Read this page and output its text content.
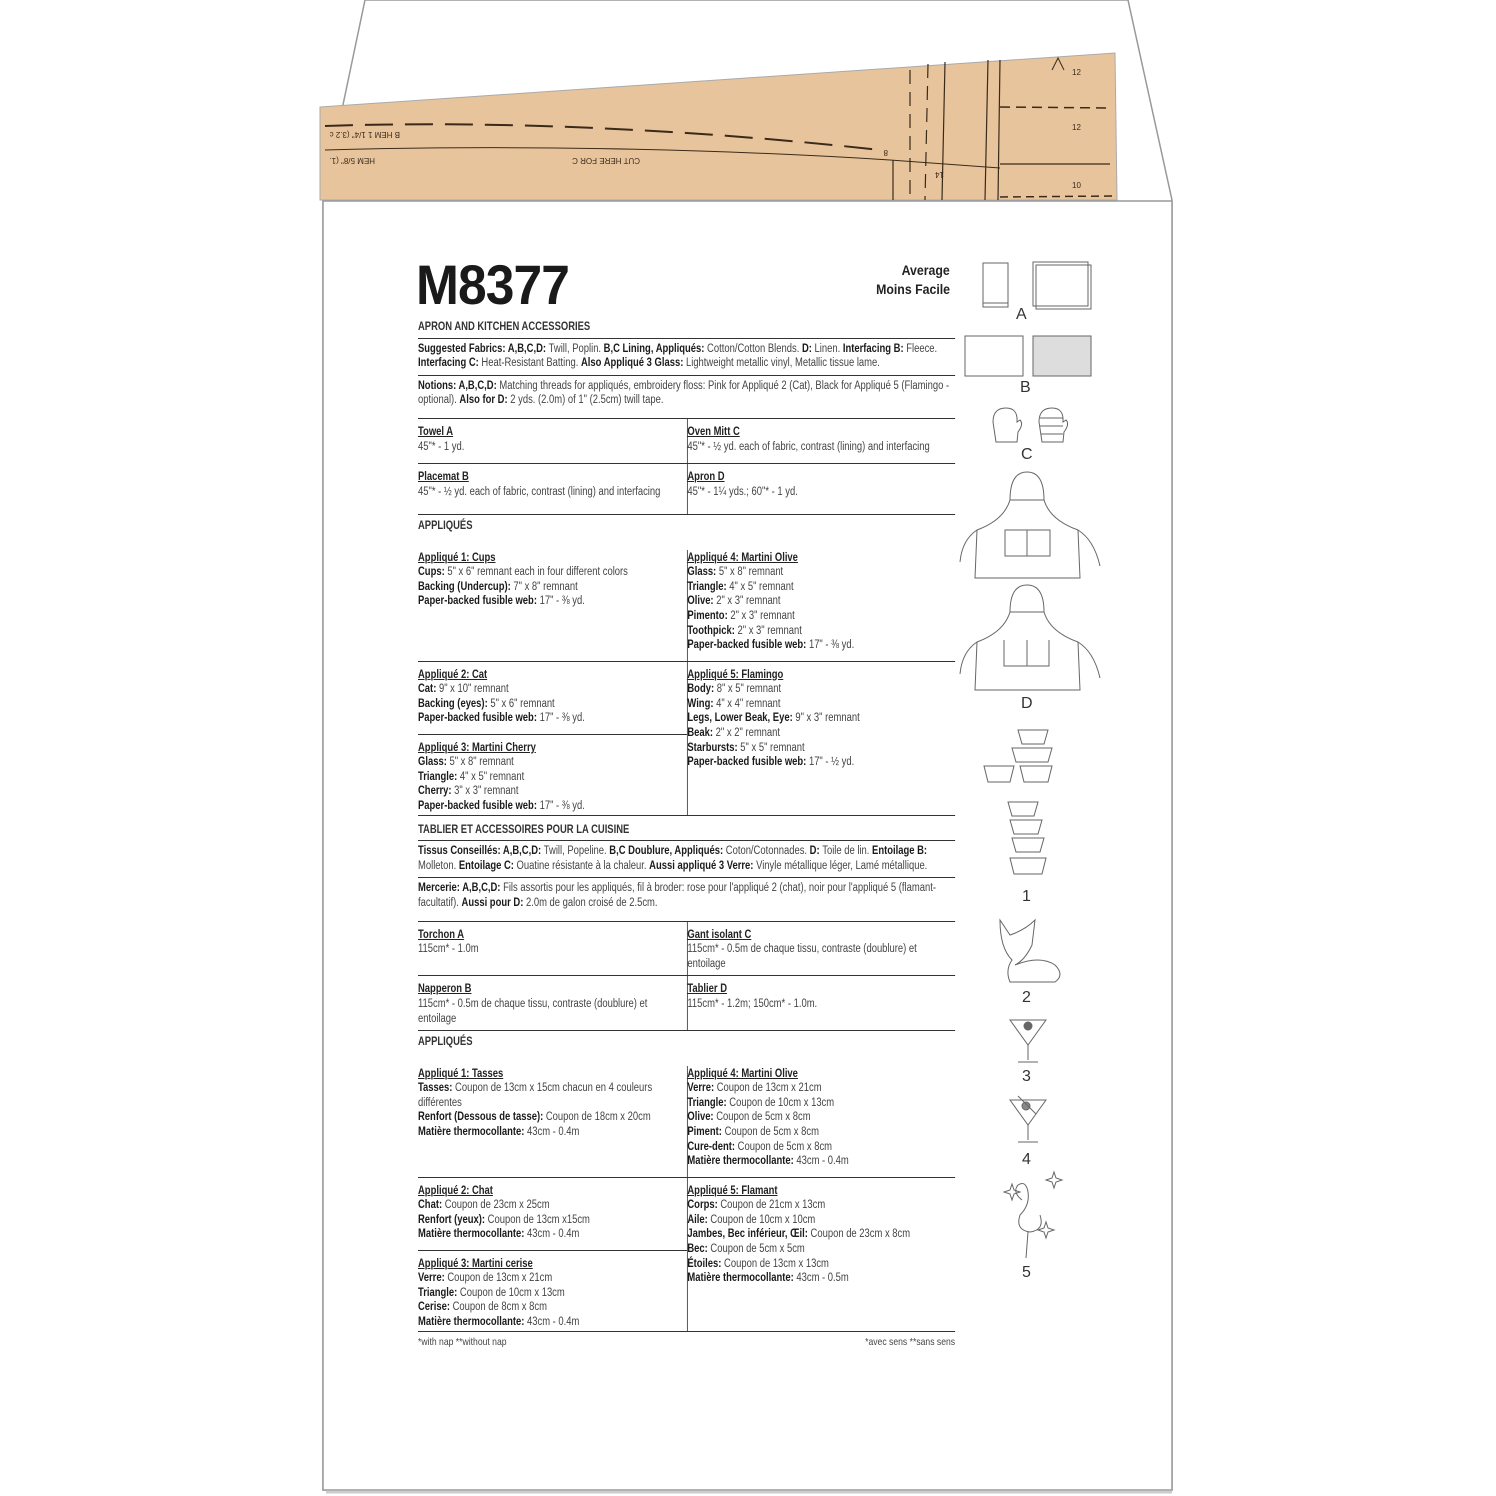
12
12
10
B HEM 1 1/4" (3.2 c
HEM 5/8" (1.	CUT HERE FOR C
8
14
M8377	Average
Moins Facile
A
B
C
D
1
2
3
4
5
APRON AND KITCHEN ACCESSORIES
Suggested Fabrics: A,B,C,D: Twill, Poplin. B,C Lining, Appliqués: Cotton/Cotton Blends. D: Linen. Interfacing B: Fleece. Interfacing C: Heat-Resistant Batting. Also Appliqué 3 Glass: Lightweight metallic vinyl, Metallic tissue lame.
Notions: A,B,C,D: Matching threads for appliqués, embroidery floss: Pink for Appliqué 2 (Cat), Black for Appliqué 5 (Flamingo - optional). Also for D: 2 yds. (2.0m) of 1" (2.5cm) twill tape.
Towel A
45"* - 1 yd.
Oven Mitt C
45"* - ½ yd. each of fabric, contrast (lining) and interfacing
Placemat B
45"* - ½ yd. each of fabric, contrast (lining) and interfacing
Apron D
45"* - 1¼ yds.; 60"* - 1 yd.
APPLIQUÉS
Appliqué 1: Cups
Cups: 5" x 6" remnant each in four different colors
Backing (Undercup): 7" x 8" remnant
Paper-backed fusible web: 17" - ⅜ yd.
Appliqué 4: Martini Olive
Glass: 5" x 8" remnant
Triangle: 4" x 5" remnant
Olive: 2" x 3" remnant
Pimento: 2" x 3" remnant
Toothpick: 2" x 3" remnant
Paper-backed fusible web: 17" - ⅜ yd.
Appliqué 2: Cat
Cat: 9" x 10" remnant
Backing (eyes): 5" x 6" remnant
Paper-backed fusible web: 17" - ⅜ yd.
Appliqué 3: Martini Cherry
Glass: 5" x 8" remnant
Triangle: 4" x 5" remnant
Cherry: 3" x 3" remnant
Paper-backed fusible web: 17" - ⅜ yd.
Appliqué 5: Flamingo
Body: 8" x 5" remnant
Wing: 4" x 4" remnant
Legs, Lower Beak, Eye: 9" x 3" remnant
Beak: 2" x 2" remnant
Starbursts: 5" x 5" remnant
Paper-backed fusible web: 17" - ½ yd.
TABLIER ET ACCESSOIRES POUR LA CUISINE
Tissus Conseillés: A,B,C,D: Twill, Popeline. B,C Doublure, Appliqués: Coton/Cotonnades. D: Toile de lin. Entoilage B: Molleton. Entoilage C: Ouatine résistante à la chaleur. Aussi appliqué 3 Verre: Vinyle métallique léger, Lamé métallique.
Mercerie: A,B,C,D: Fils assortis pour les appliqués, fil à broder: rose pour l'appliqué 2 (chat), noir pour l'appliqué 5 (flamant-facultatif). Aussi pour D: 2.0m de galon croisé de 2.5cm.
Torchon A
115cm* - 1.0m
Gant isolant C
115cm* - 0.5m de chaque tissu, contraste (doublure) et entoilage
Napperon B
115cm* - 0.5m de chaque tissu, contraste (doublure) et entoilage
Tablier D
115cm* - 1.2m; 150cm* - 1.0m.
APPLIQUÉS
Appliqué 1: Tasses
Tasses: Coupon de 13cm x 15cm chacun en 4 couleurs différentes
Renfort (Dessous de tasse): Coupon de 18cm x 20cm
Matière thermocollante: 43cm - 0.4m
Appliqué 4: Martini Olive
Verre: Coupon de 13cm x 21cm
Triangle: Coupon de 10cm x 13cm
Olive: Coupon de 5cm x 8cm
Piment: Coupon de 5cm x 8cm
Cure-dent: Coupon de 5cm x 8cm
Matière thermocollante: 43cm - 0.4m
Appliqué 2: Chat
Chat: Coupon de 23cm x 25cm
Renfort (yeux): Coupon de 13cm x15cm
Matière thermocollante: 43cm - 0.4m
Appliqué 3: Martini cerise
Verre: Coupon de 13cm x 21cm
Triangle: Coupon de 10cm x 13cm
Cerise: Coupon de 8cm x 8cm
Matière thermocollante: 43cm - 0.4m
Appliqué 5: Flamant
Corps: Coupon de 21cm x 13cm
Aile: Coupon de 10cm x 10cm
Jambes, Bec inférieur, Œil: Coupon de 23cm x 8cm
Bec: Coupon de 5cm x 5cm
Étoiles: Coupon de 13cm x 13cm
Matière thermocollante: 43cm - 0.5m
*with nap **without nap	*avec sens **sans sens
